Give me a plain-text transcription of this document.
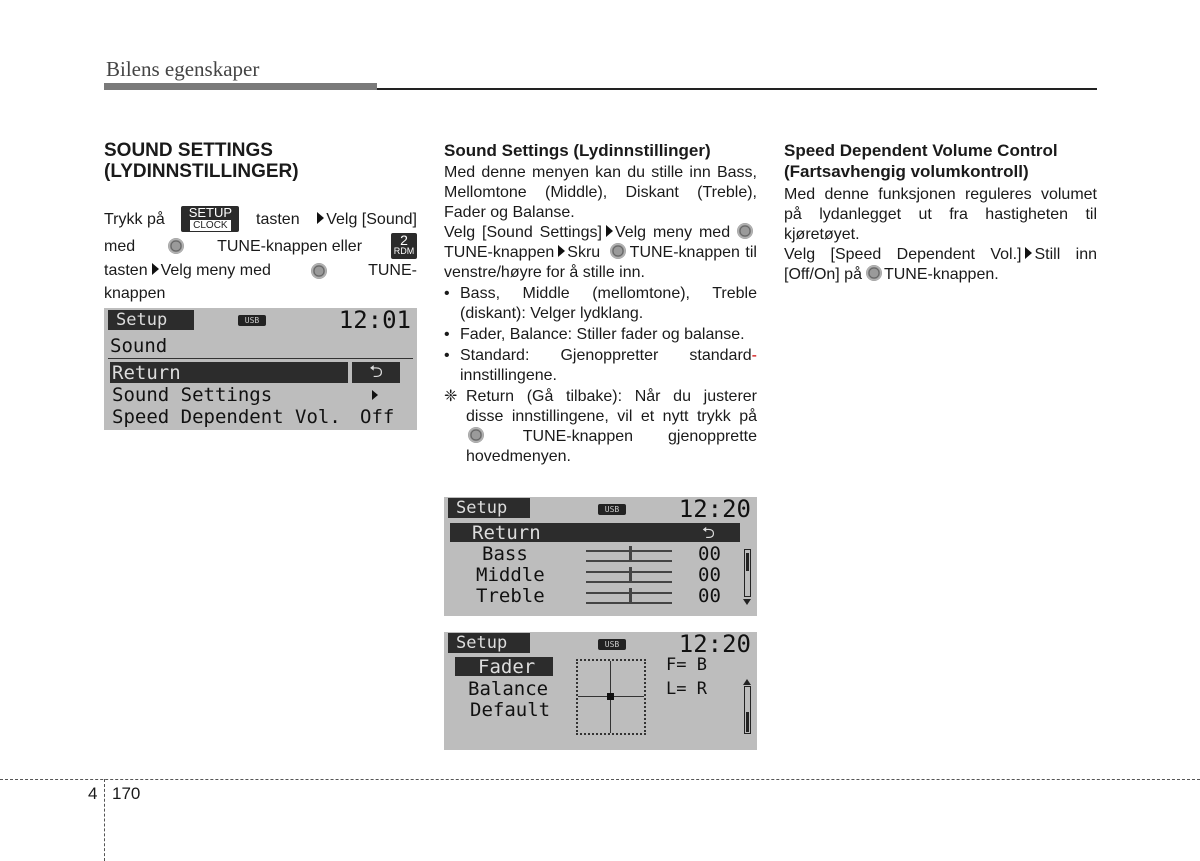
Bilens egenskaper
SOUND SETTINGS
(LYDINNSTILLINGER)
Trykk på SETUP
CLOCK tasten	Velg [Sound]
med	TUNE-knappen eller	2
RDM
tasten Velg meny med	TUNE-
knappen
Setup	USB	12:01
Sound
Return	⮌
Sound Settings
Speed Dependent Vol. Off
Sound Settings (Lydinnstillinger)

Med denne menyen kan du stille inn Bass, Mellomtone (Middle), Diskant (Treble), Fader og Balanse.

Velg [Sound Settings] Velg meny med TUNE-knappen Skru TUNE-knappen til venstre/høyre for å stille inn.

• Bass, Middle (mellomtone), Treble (diskant): Velger lydklang.
• Fader, Balance: Stiller fader og balanse.
• Standard: Gjenoppretter standard- innstillingene.
❈ Return (Gå tilbake): Når du justerer disse innstillingene, vil et nytt trykk på  TUNE-knappen gjenopprette hovedmenyen.
Setup	USB 12:20
Return	⮌
Bass	00
Middle	00
Treble	00
Setup	USB 12:20
Fader
Balance
Default
F= B
L= R
Speed Dependent Volume Control
(Fartsavhengig volumkontroll)

Med denne funksjonen reguleres volumet på lydanlegget ut fra hastigheten til kjøretøyet.

Velg [Speed Dependent Vol.] Still inn [Off/On] på TUNE-knappen.

4 170
